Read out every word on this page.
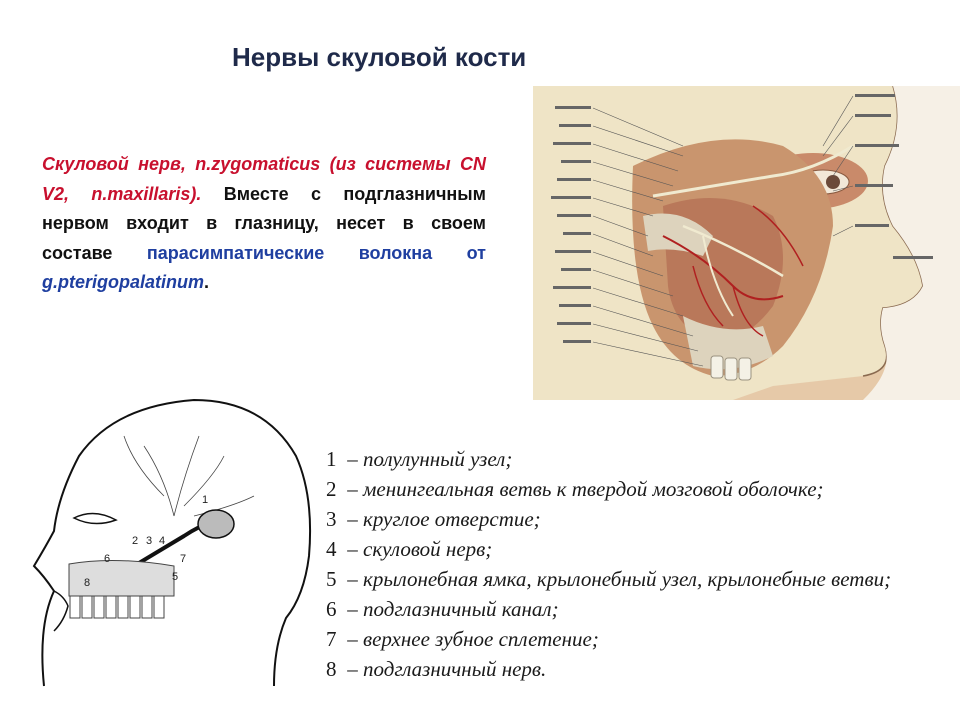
Нервы скуловой кости
Скуловой нерв, n.zygomaticus (из системы CN V2, n.maxillaris). Вместе с подглазничным нервом входит в глазницу, несет в своем составе парасимпатические волокна от g.pterigopalatinum.
1
2 3 4
5
6	7
8
1 – полулунный узел;
2 – менингеальная ветвь к твердой мозговой оболочке;
3 – круглое отверстие;
4 – скуловой нерв;
5 – крылонебная ямка, крылонебный узел, крылонебные ветви;
6 – подглазничный канал;
7 – верхнее зубное сплетение;
8 – подглазничный нерв.
